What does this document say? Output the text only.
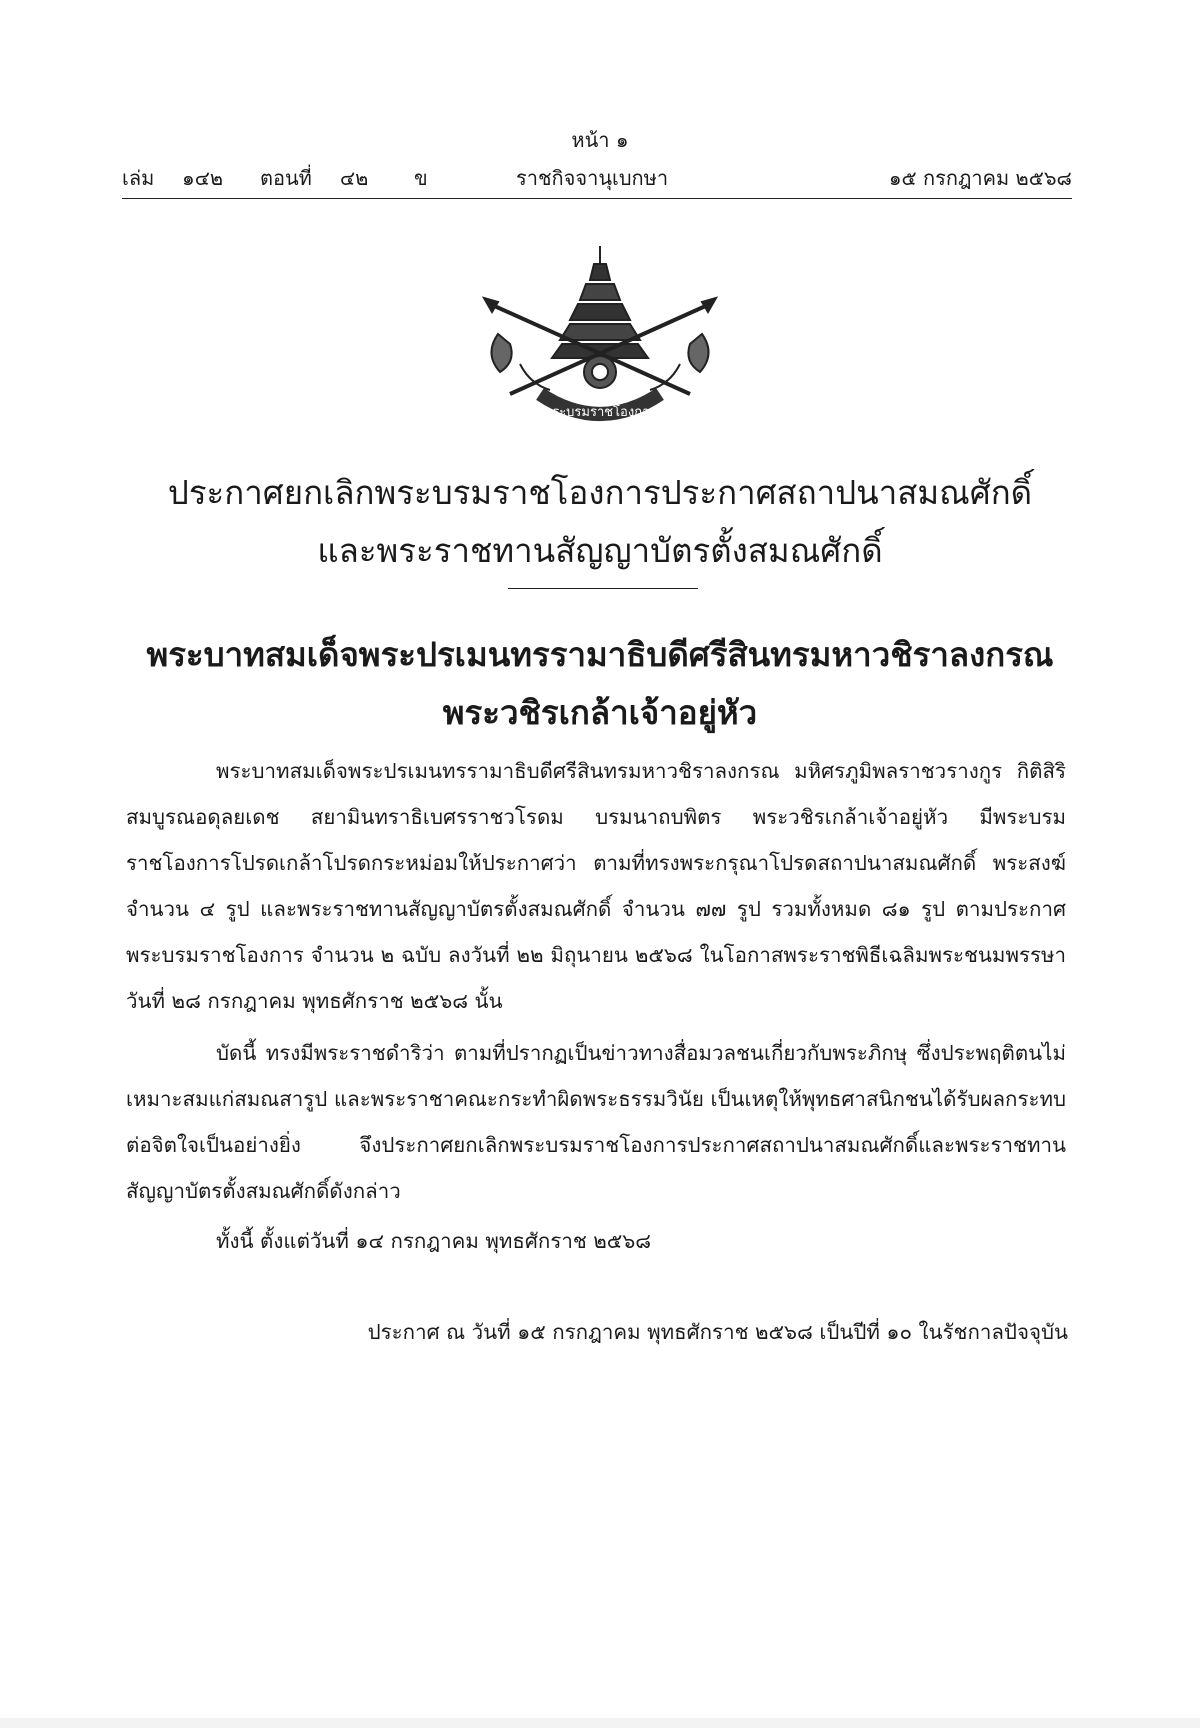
หน้า ๑
เล่ม ๑๔๒ ตอนที่ ๔๒ ข	ราชกิจจานุเบกษา	๑๕ กรกฎาคม ๒๕๖๘
พระบรมราชโองการ
ประกาศยกเลิกพระบรมราชโองการประกาศสถาปนาสมณศักดิ์
และพระราชทานสัญญาบัตรตั้งสมณศักดิ์
พระบาทสมเด็จพระปรเมนทรรามาธิบดีศรีสินทรมหาวชิราลงกรณ
พระวชิรเกล้าเจ้าอยู่หัว

พระบาทสมเด็จพระปรเมนทรรามาธิบดีศรีสินทรมหาวชิราลงกรณ มหิศรภูมิพลราชวรางกูร กิติสิริสมบูรณอดุลยเดช สยามินทราธิเบศรราชวโรดม บรมนาถบพิตร พระวชิรเกล้าเจ้าอยู่หัว มีพระบรมราชโองการโปรดเกล้าโปรดกระหม่อมให้ประกาศว่า ตามที่ทรงพระกรุณาโปรดสถาปนาสมณศักดิ์ พระสงฆ์ จำนวน ๔ รูป และพระราชทานสัญญาบัตรตั้งสมณศักดิ์ จำนวน ๗๗ รูป รวมทั้งหมด ๘๑ รูป ตามประกาศพระบรมราชโองการ จำนวน ๒ ฉบับ ลงวันที่ ๒๒ มิถุนายน ๒๕๖๘ ในโอกาสพระราชพิธีเฉลิมพระชนมพรรษา วันที่ ๒๘ กรกฎาคม พุทธศักราช ๒๕๖๘ นั้น

บัดนี้ ทรงมีพระราชดำริว่า ตามที่ปรากฏเป็นข่าวทางสื่อมวลชนเกี่ยวกับพระภิกษุ ซึ่งประพฤติตนไม่เหมาะสมแก่สมณสารูป และพระราชาคณะกระทำผิดพระธรรมวินัย เป็นเหตุให้พุทธศาสนิกชนได้รับผลกระทบต่อจิตใจเป็นอย่างยิ่ง จึงประกาศยกเลิกพระบรมราชโองการประกาศสถาปนาสมณศักดิ์และพระราชทานสัญญาบัตรตั้งสมณศักดิ์ดังกล่าว

ทั้งนี้ ตั้งแต่วันที่ ๑๔ กรกฎาคม พุทธศักราช ๒๕๖๘

ประกาศ ณ วันที่ ๑๕ กรกฎาคม พุทธศักราช ๒๕๖๘ เป็นปีที่ ๑๐ ในรัชกาลปัจจุบัน
